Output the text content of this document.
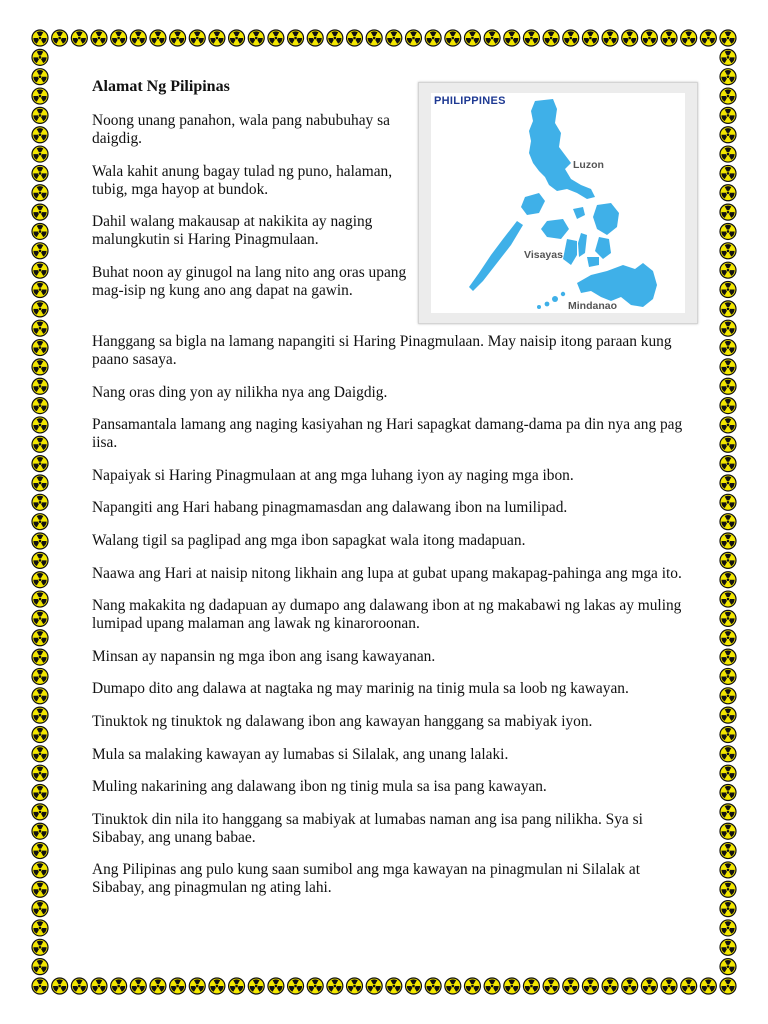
Alamat Ng Pilipinas

Noong unang panahon, wala pang nabubuhay sa daigdig.

Wala kahit anung bagay tulad ng puno, halaman, tubig, mga hayop at bundok.

Dahil walang makausap at nakikita ay naging malungkutin si Haring Pinagmulaan.

Buhat noon ay ginugol na lang nito ang oras upang mag-isip ng kung ano ang dapat na gawin.

Luzon
Visayas
Mindanao
PHILIPPINES

Hanggang sa bigla na lamang napangiti si Haring Pinagmulaan. May naisip itong paraan kung paano sasaya.

Nang oras ding yon ay nilikha nya ang Daigdig.

Pansamantala lamang ang naging kasiyahan ng Hari sapagkat damang-dama pa din nya ang pag iisa.

Napaiyak si Haring Pinagmulaan at ang mga luhang iyon ay naging mga ibon.

Napangiti ang Hari habang pinagmamasdan ang dalawang ibon na lumilipad.

Walang tigil sa paglipad ang mga ibon sapagkat wala itong madapuan.

Naawa ang Hari at naisip nitong likhain ang lupa at gubat upang makapag-pahinga ang mga ito.

Nang makakita ng dadapuan ay dumapo ang dalawang ibon at ng makabawi ng lakas ay muling lumipad upang malaman ang lawak ng kinaroroonan.

Minsan ay napansin ng mga ibon ang isang kawayanan.

Dumapo dito ang dalawa at nagtaka ng may marinig na tinig mula sa loob ng kawayan.

Tinuktok ng tinuktok ng dalawang ibon ang kawayan hanggang sa mabiyak iyon.

Mula sa malaking kawayan ay lumabas si Silalak, ang unang lalaki.

Muling nakarining ang dalawang ibon ng tinig mula sa isa pang kawayan.

Tinuktok din nila ito hanggang sa mabiyak at lumabas naman ang isa pang nilikha. Sya si Sibabay, ang unang babae.

Ang Pilipinas ang pulo kung saan sumibol ang mga kawayan na pinagmulan ni Silalak at Sibabay, ang pinagmulan ng ating lahi.
